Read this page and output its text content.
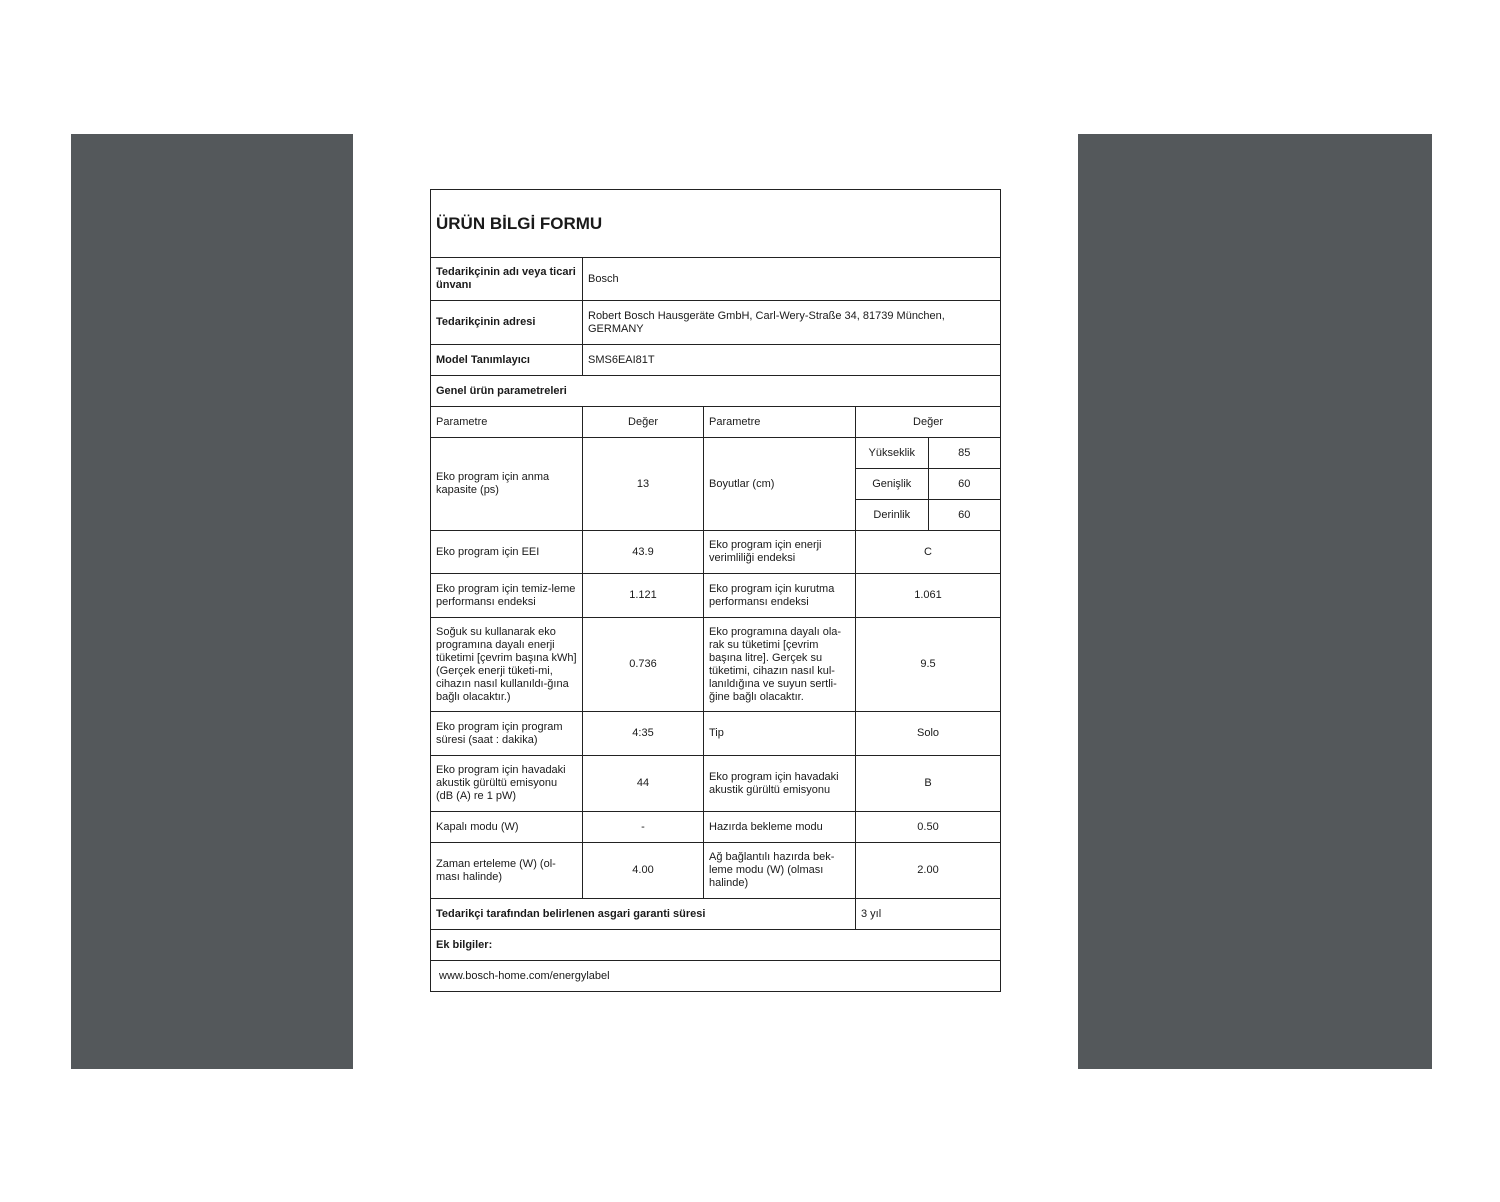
ÜRÜN BİLGİ FORMU
Tedarikçinin adı veya ticari ünvanı	Bosch
Tedarikçinin adresi	Robert Bosch Hausgeräte GmbH, Carl-Wery-Straße 34, 81739 München, GERMANY
Model Tanımlayıcı	SMS6EAI81T
Genel ürün parametreleri
Parametre	Değer	Parametre	Değer
Eko program için anma kapasite (ps)	13	Boyutlar (cm)	
Yükseklik	85
Genişlik	60
Derinlik	60

Eko program için EEI	43.9	Eko program için enerji verimliliği endeksi	C
Eko program için temiz-leme performansı endeksi	1.121	Eko program için kurutma performansı endeksi	1.061
Soğuk su kullanarak eko programına dayalı enerji tüketimi [çevrim başına kWh] (Gerçek enerji tüketi-mi, cihazın nasıl kullanıldı-ğına bağlı olacaktır.)	0.736	Eko programına dayalı ola-rak su tüketimi [çevrim başına litre]. Gerçek su tüketimi, cihazın nasıl kul-lanıldığına ve suyun sertli-ğine bağlı olacaktır.	9.5
Eko program için program süresi (saat : dakika)	4:35	Tip	Solo
Eko program için havadaki akustik gürültü emisyonu (dB (A) re 1 pW)	44	Eko program için havadaki akustik gürültü emisyonu	B
Kapalı modu (W)	-	Hazırda bekleme modu	0.50
Zaman erteleme (W) (ol-ması halinde)	4.00	Ağ bağlantılı hazırda bek-leme modu (W) (olması halinde)	2.00
Tedarikçi tarafından belirlenen asgari garanti süresi	3 yıl
Ek bilgiler:
www.bosch-home.com/energylabel
